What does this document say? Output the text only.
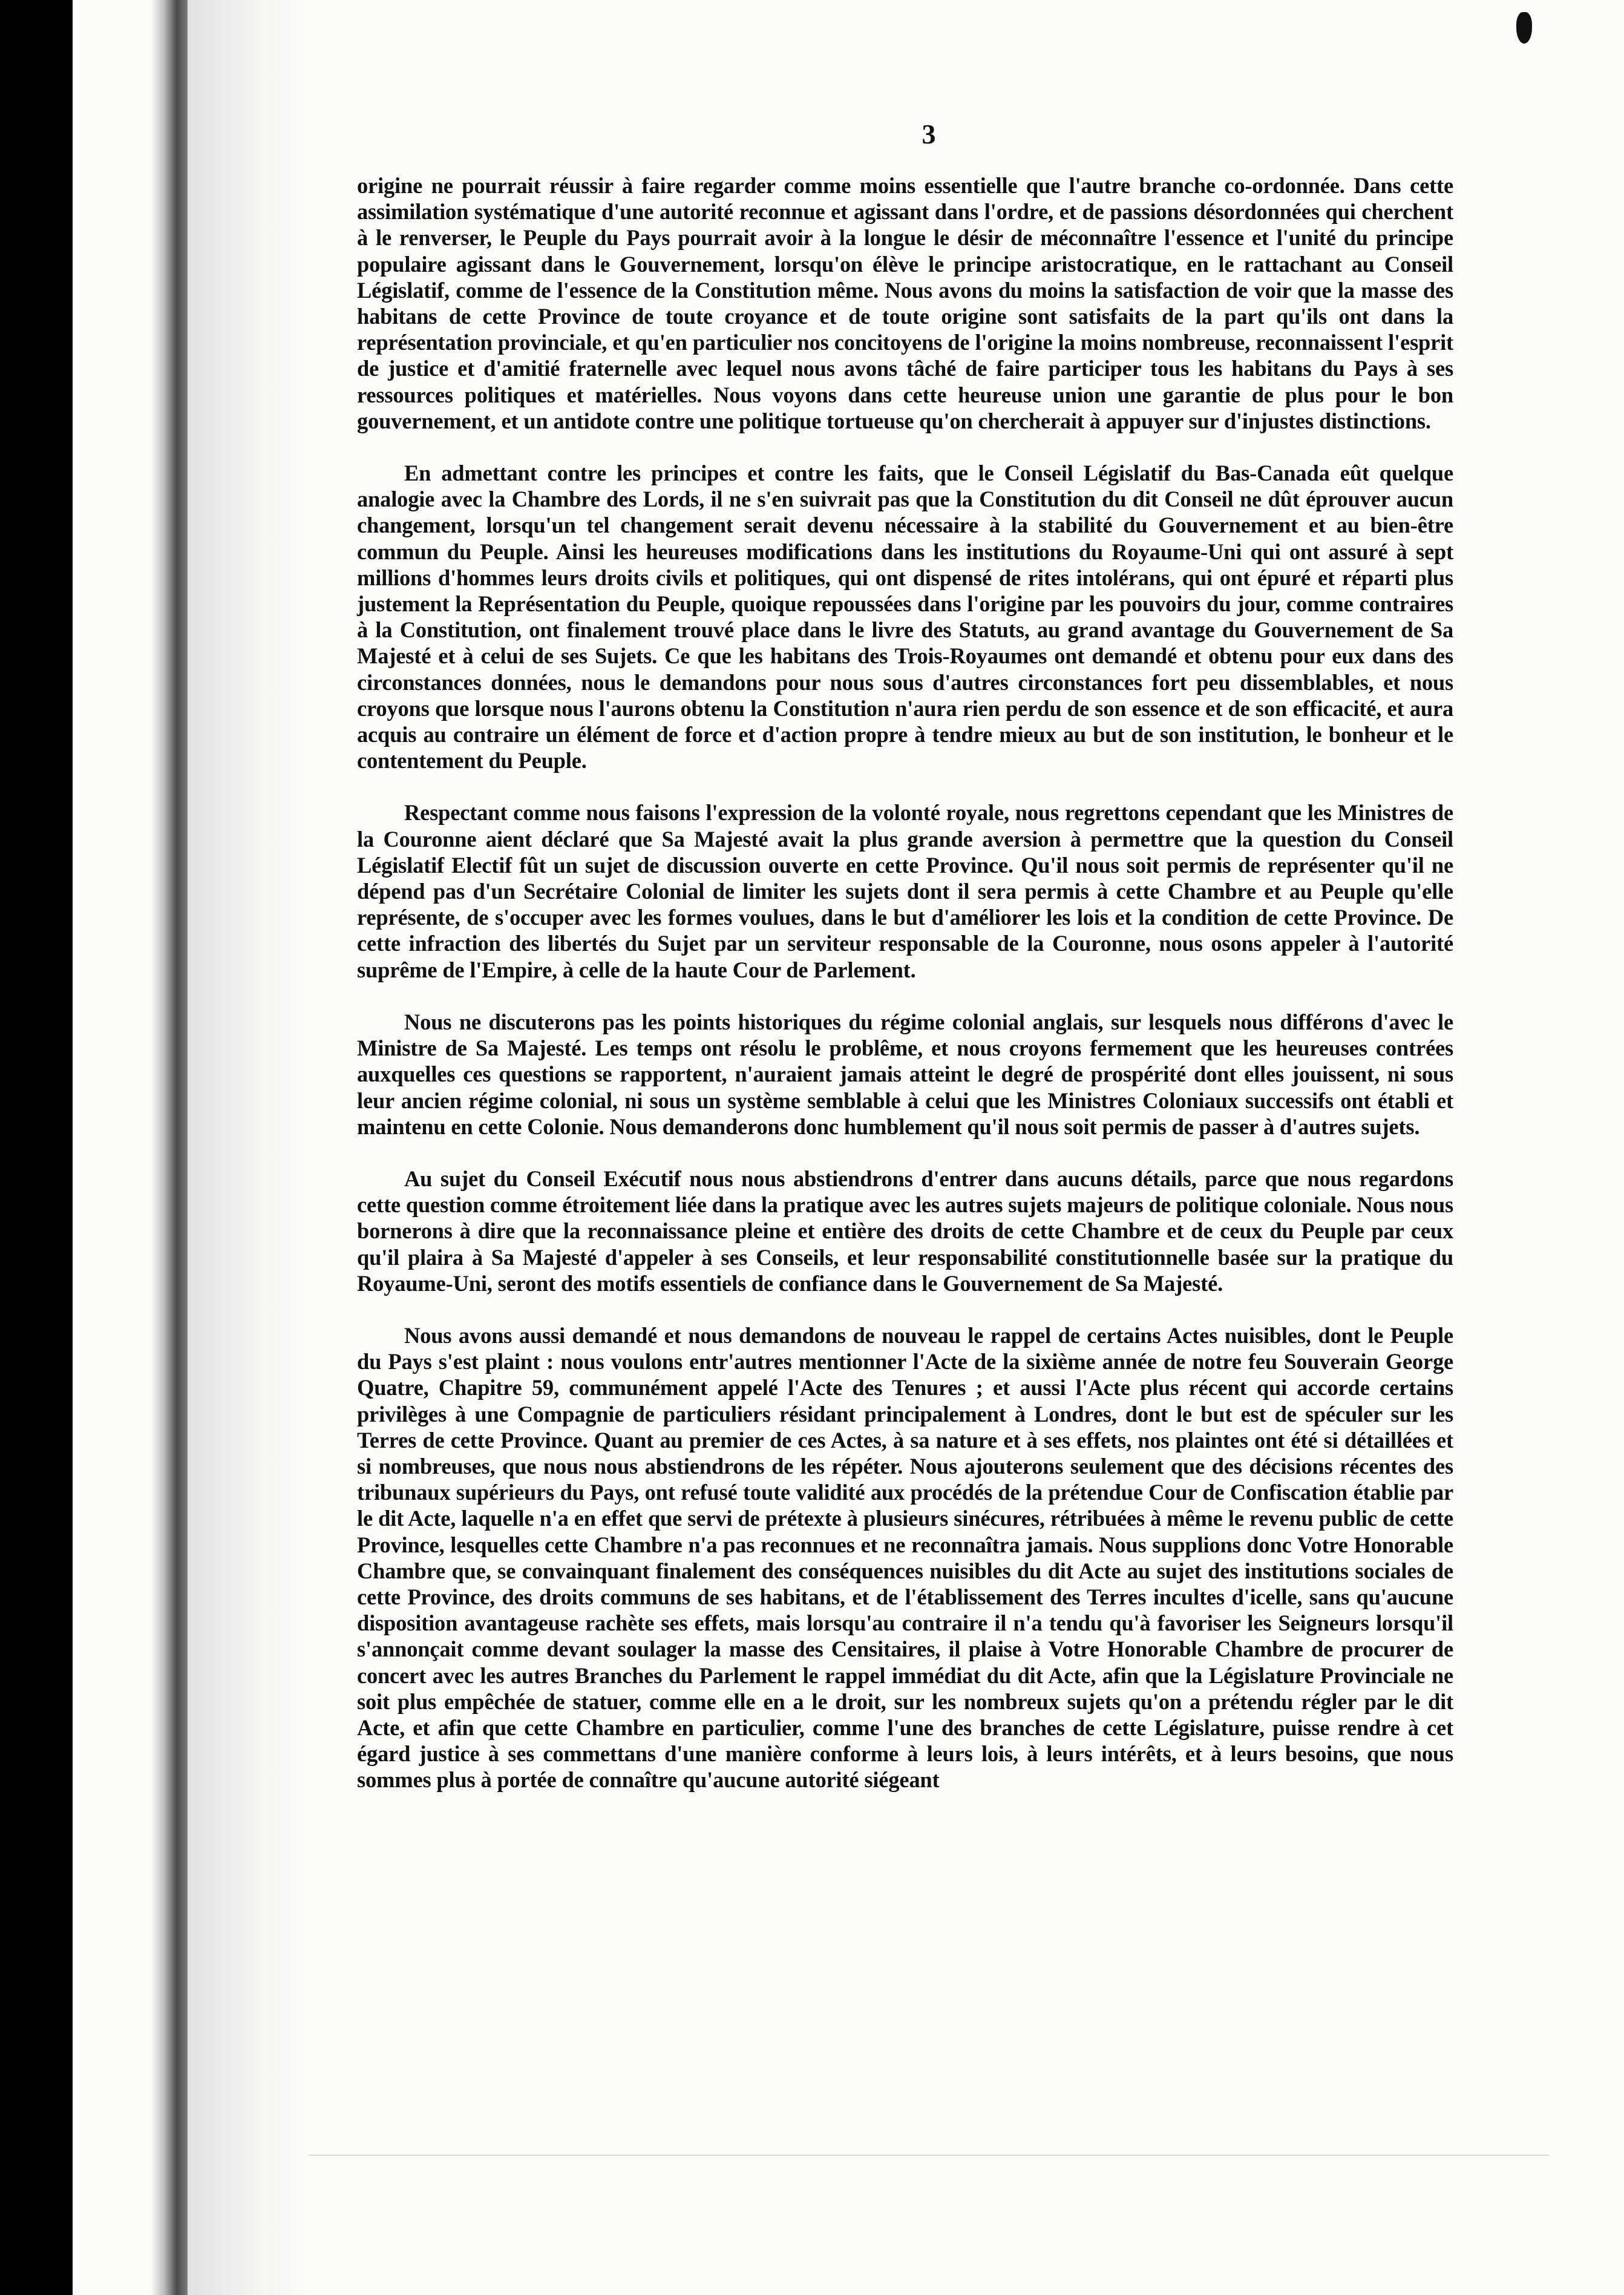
3

origine ne pourrait réussir à faire regarder comme moins essentielle que l'autre branche co-ordonnée. Dans cette assimilation systématique d'une autorité reconnue et agissant dans l'ordre, et de passions désordonnées qui cherchent à le renverser, le Peuple du Pays pourrait avoir à la longue le désir de méconnaître l'essence et l'unité du principe populaire agissant dans le Gouvernement, lorsqu'on élève le principe aristocratique, en le rattachant au Conseil Législatif, comme de l'essence de la Constitution même. Nous avons du moins la satisfaction de voir que la masse des habitans de cette Province de toute croyance et de toute origine sont satisfaits de la part qu'ils ont dans la représentation provinciale, et qu'en particulier nos concitoyens de l'origine la moins nombreuse, reconnaissent l'esprit de justice et d'amitié fraternelle avec lequel nous avons tâché de faire participer tous les habitans du Pays à ses ressources politiques et matérielles. Nous voyons dans cette heureuse union une garantie de plus pour le bon gouvernement, et un antidote contre une politique tortueuse qu'on chercherait à appuyer sur d'injustes distinctions.

En admettant contre les principes et contre les faits, que le Conseil Législatif du Bas-Canada eût quelque analogie avec la Chambre des Lords, il ne s'en suivrait pas que la Constitution du dit Conseil ne dût éprouver aucun changement, lorsqu'un tel changement serait devenu nécessaire à la stabilité du Gouvernement et au bien-être commun du Peuple. Ainsi les heureuses modifications dans les institutions du Royaume-Uni qui ont assuré à sept millions d'hommes leurs droits civils et politiques, qui ont dispensé de rites intolérans, qui ont épuré et réparti plus justement la Représentation du Peuple, quoique repoussées dans l'origine par les pouvoirs du jour, comme contraires à la Constitution, ont finalement trouvé place dans le livre des Statuts, au grand avantage du Gouvernement de Sa Majesté et à celui de ses Sujets. Ce que les habitans des Trois-Royaumes ont demandé et obtenu pour eux dans des circonstances données, nous le demandons pour nous sous d'autres circonstances fort peu dissemblables, et nous croyons que lorsque nous l'aurons obtenu la Constitution n'aura rien perdu de son essence et de son efficacité, et aura acquis au contraire un élément de force et d'action propre à tendre mieux au but de son institution, le bonheur et le contentement du Peuple.

Respectant comme nous faisons l'expression de la volonté royale, nous regrettons cependant que les Ministres de la Couronne aient déclaré que Sa Majesté avait la plus grande aversion à permettre que la question du Conseil Législatif Electif fût un sujet de discussion ouverte en cette Province. Qu'il nous soit permis de représenter qu'il ne dépend pas d'un Secrétaire Colonial de limiter les sujets dont il sera permis à cette Chambre et au Peuple qu'elle représente, de s'occuper avec les formes voulues, dans le but d'améliorer les lois et la condition de cette Province. De cette infraction des libertés du Sujet par un serviteur responsable de la Couronne, nous osons appeler à l'autorité suprême de l'Empire, à celle de la haute Cour de Parlement.

Nous ne discuterons pas les points historiques du régime colonial anglais, sur lesquels nous différons d'avec le Ministre de Sa Majesté. Les temps ont résolu le problême, et nous croyons fermement que les heureuses contrées auxquelles ces questions se rapportent, n'auraient jamais atteint le degré de prospérité dont elles jouissent, ni sous leur ancien régime colonial, ni sous un système semblable à celui que les Ministres Coloniaux successifs ont établi et maintenu en cette Colonie. Nous demanderons donc humblement qu'il nous soit permis de passer à d'autres sujets.

Au sujet du Conseil Exécutif nous nous abstiendrons d'entrer dans aucuns détails, parce que nous regardons cette question comme étroitement liée dans la pratique avec les autres sujets majeurs de politique coloniale. Nous nous bornerons à dire que la reconnaissance pleine et entière des droits de cette Chambre et de ceux du Peuple par ceux qu'il plaira à Sa Majesté d'appeler à ses Conseils, et leur responsabilité constitutionnelle basée sur la pratique du Royaume-Uni, seront des motifs essentiels de confiance dans le Gouvernement de Sa Majesté.

Nous avons aussi demandé et nous demandons de nouveau le rappel de certains Actes nuisibles, dont le Peuple du Pays s'est plaint : nous voulons entr'autres mentionner l'Acte de la sixième année de notre feu Souverain George Quatre, Chapitre 59, communément appelé l'Acte des Tenures ; et aussi l'Acte plus récent qui accorde certains privilèges à une Compagnie de particuliers résidant principalement à Londres, dont le but est de spéculer sur les Terres de cette Province. Quant au premier de ces Actes, à sa nature et à ses effets, nos plaintes ont été si détaillées et si nombreuses, que nous nous abstiendrons de les répéter. Nous ajouterons seulement que des décisions récentes des tribunaux supérieurs du Pays, ont refusé toute validité aux procédés de la prétendue Cour de Confiscation établie par le dit Acte, laquelle n'a en effet que servi de prétexte à plusieurs sinécures, rétribuées à même le revenu public de cette Province, lesquelles cette Chambre n'a pas reconnues et ne reconnaîtra jamais. Nous supplions donc Votre Honorable Chambre que, se convainquant finalement des conséquences nuisibles du dit Acte au sujet des institutions sociales de cette Province, des droits communs de ses habitans, et de l'établissement des Terres incultes d'icelle, sans qu'aucune disposition avantageuse rachète ses effets, mais lorsqu'au contraire il n'a tendu qu'à favoriser les Seigneurs lorsqu'il s'annonçait comme devant soulager la masse des Censitaires, il plaise à Votre Honorable Chambre de procurer de concert avec les autres Branches du Parlement le rappel immédiat du dit Acte, afin que la Législature Provinciale ne soit plus empêchée de statuer, comme elle en a le droit, sur les nombreux sujets qu'on a prétendu régler par le dit Acte, et afin que cette Chambre en particulier, comme l'une des branches de cette Législature, puisse rendre à cet égard justice à ses commettans d'une manière conforme à leurs lois, à leurs intérêts, et à leurs besoins, que nous sommes plus à portée de connaître qu'aucune autorité siégeant
